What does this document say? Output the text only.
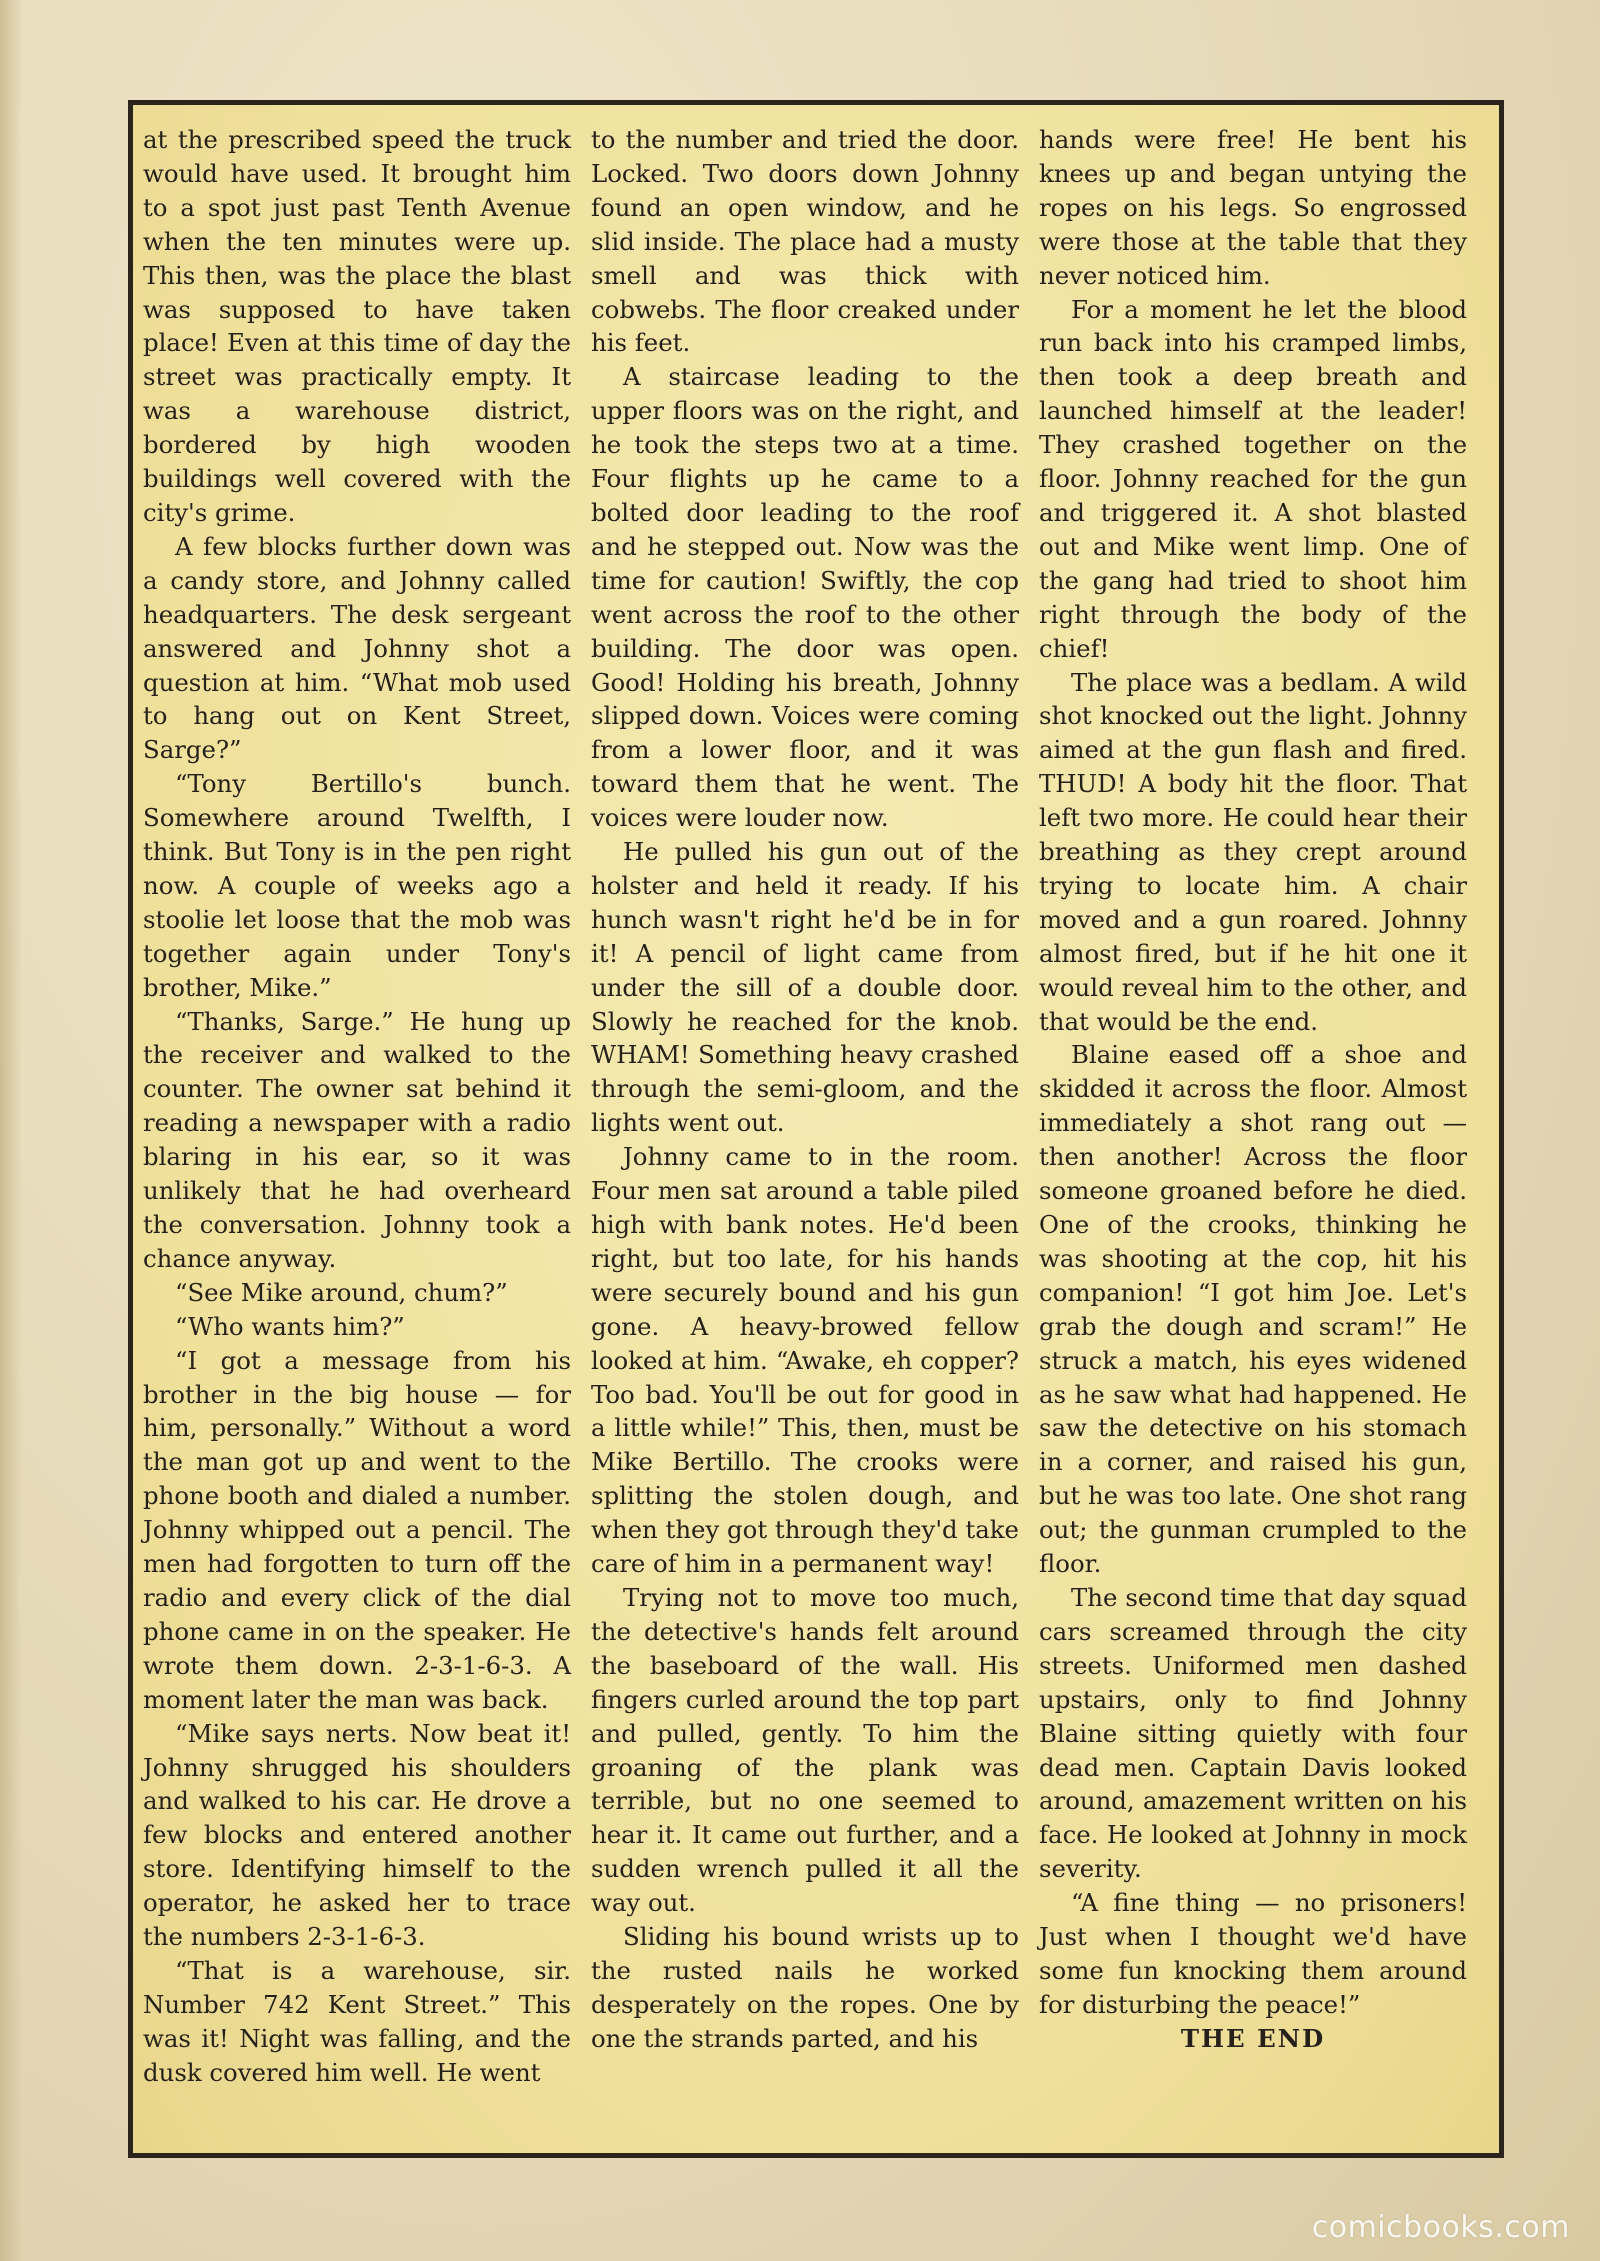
at the prescribed speed the truck would have used. It brought him to a spot just past Tenth Avenue when the ten minutes were up. This then, was the place the blast was supposed to have taken place! Even at this time of day the street was practically empty. It was a warehouse district, bordered by high wooden buildings well covered with the city's grime.

A few blocks further down was a candy store, and Johnny called headquarters. The desk sergeant answered and Johnny shot a question at him. “What mob used to hang out on Kent Street, Sarge?”

“Tony Bertillo's bunch. Somewhere around Twelfth, I think. But Tony is in the pen right now. A couple of weeks ago a stoolie let loose that the mob was together again under Tony's brother, Mike.”

“Thanks, Sarge.” He hung up the receiver and walked to the counter. The owner sat behind it reading a newspaper with a radio blaring in his ear, so it was unlikely that he had overheard the conversation. Johnny took a chance anyway.

“See Mike around, chum?”

“Who wants him?”

“I got a message from his brother in the big house — for him, personally.” Without a word the man got up and went to the phone booth and dialed a number. Johnny whipped out a pencil. The men had forgotten to turn off the radio and every click of the dial phone came in on the speaker. He wrote them down. 2-3-1-6-3. A moment later the man was back.

“Mike says nerts. Now beat it! Johnny shrugged his shoulders and walked to his car. He drove a few blocks and entered another store. Identifying himself to the operator, he asked her to trace the numbers 2-3-1-6-3.

“That is a warehouse, sir. Number 742 Kent Street.” This was it! Night was falling, and the dusk covered him well. He went

to the number and tried the door. Locked. Two doors down Johnny found an open window, and he slid inside. The place had a musty smell and was thick with cobwebs. The floor creaked under his feet.

A staircase leading to the upper floors was on the right, and he took the steps two at a time. Four flights up he came to a bolted door leading to the roof and he stepped out. Now was the time for caution! Swiftly, the cop went across the roof to the other building. The door was open. Good! Holding his breath, Johnny slipped down. Voices were coming from a lower floor, and it was toward them that he went. The voices were louder now.

He pulled his gun out of the holster and held it ready. If his hunch wasn't right he'd be in for it! A pencil of light came from under the sill of a double door. Slowly he reached for the knob. WHAM! Something heavy crashed through the semi-gloom, and the lights went out.

Johnny came to in the room. Four men sat around a table piled high with bank notes. He'd been right, but too late, for his hands were securely bound and his gun gone. A heavy-browed fellow looked at him. “Awake, eh copper? Too bad. You'll be out for good in a little while!” This, then, must be Mike Bertillo. The crooks were splitting the stolen dough, and when they got through they'd take care of him in a permanent way!

Trying not to move too much, the detective's hands felt around the baseboard of the wall. His fingers curled around the top part and pulled, gently. To him the groaning of the plank was terrible, but no one seemed to hear it. It came out further, and a sudden wrench pulled it all the way out.

Sliding his bound wrists up to the rusted nails he worked desperately on the ropes. One by one the strands parted, and his

hands were free! He bent his knees up and began untying the ropes on his legs. So engrossed were those at the table that they never noticed him.

For a moment he let the blood run back into his cramped limbs, then took a deep breath and launched himself at the leader! They crashed together on the floor. Johnny reached for the gun and triggered it. A shot blasted out and Mike went limp. One of the gang had tried to shoot him right through the body of the chief!

The place was a bedlam. A wild shot knocked out the light. Johnny aimed at the gun flash and fired. THUD! A body hit the floor. That left two more. He could hear their breathing as they crept around trying to locate him. A chair moved and a gun roared. Johnny almost fired, but if he hit one it would reveal him to the other, and that would be the end.

Blaine eased off a shoe and skidded it across the floor. Almost immediately a shot rang out — then another! Across the floor someone groaned before he died. One of the crooks, thinking he was shooting at the cop, hit his companion! “I got him Joe. Let's grab the dough and scram!” He struck a match, his eyes widened as he saw what had happened. He saw the detective on his stomach in a corner, and raised his gun, but he was too late. One shot rang out; the gunman crumpled to the floor.

The second time that day squad cars screamed through the city streets. Uniformed men dashed upstairs, only to find Johnny Blaine sitting quietly with four dead men. Captain Davis looked around, amazement written on his face. He looked at Johnny in mock severity.

“A fine thing — no prisoners! Just when I thought we'd have some fun knocking them around for disturbing the peace!”

THE END
comicbooks.com
